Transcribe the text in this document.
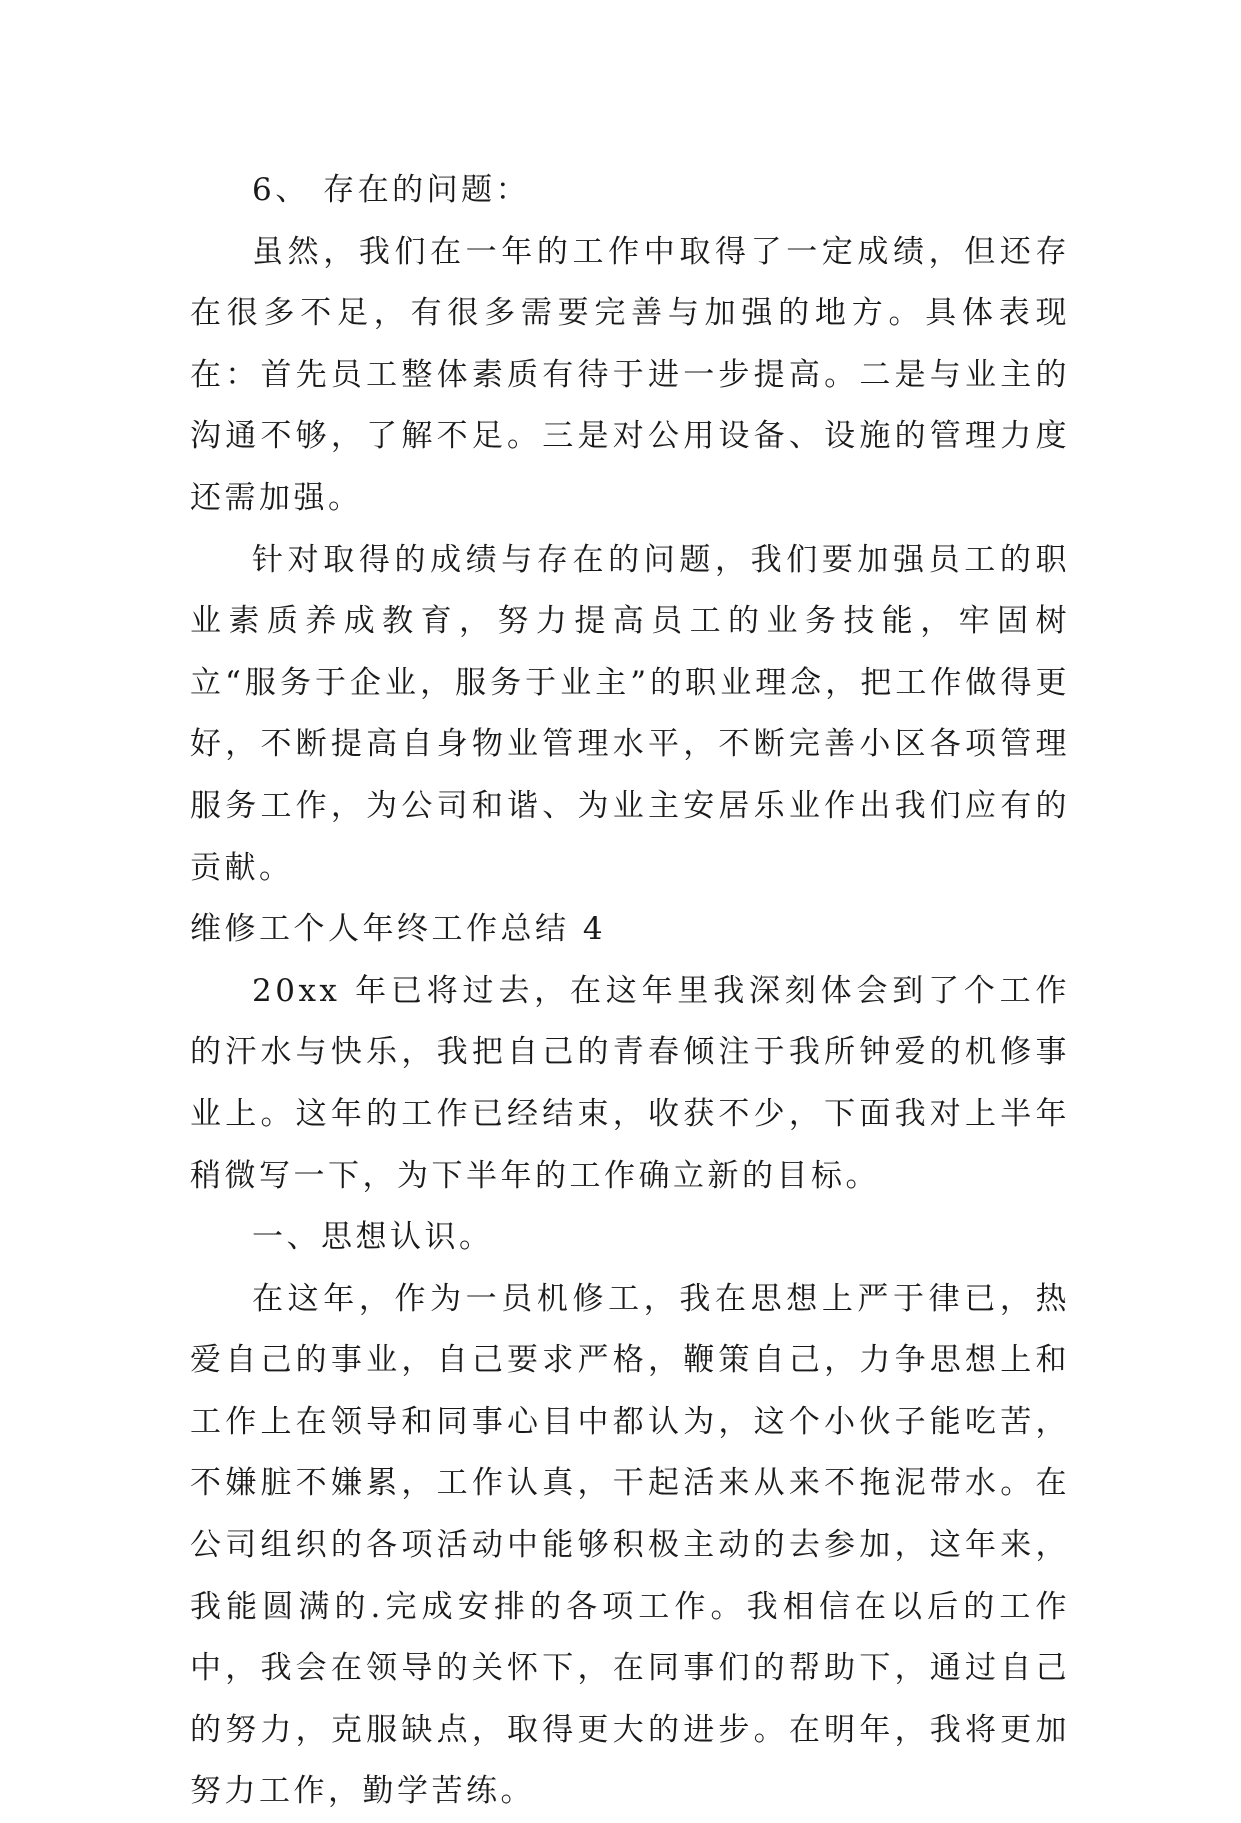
6、 存在的问题：

虽然，我们在一年的工作中取得了一定成绩，但还存在很多不足，有很多需要完善与加强的地方。具体表现在：首先员工整体素质有待于进一步提高。二是与业主的沟通不够，了解不足。三是对公用设备、设施的管理力度还需加强。

针对取得的成绩与存在的问题，我们要加强员工的职业素质养成教育，努力提高员工的业务技能，牢固树立“服务于企业，服务于业主”的职业理念，把工作做得更好，不断提高自身物业管理水平，不断完善小区各项管理服务工作，为公司和谐、为业主安居乐业作出我们应有的贡献。

维修工个人年终工作总结 4

20xx 年已将过去，在这年里我深刻体会到了个工作的汗水与快乐，我把自己的青春倾注于我所钟爱的机修事业上。这年的工作已经结束，收获不少，下面我对上半年稍微写一下，为下半年的工作确立新的目标。

一、思想认识。

在这年，作为一员机修工，我在思想上严于律已，热爱自己的事业，自己要求严格，鞭策自己，力争思想上和工作上在领导和同事心目中都认为，这个小伙子能吃苦，不嫌脏不嫌累，工作认真，干起活来从来不拖泥带水。在公司组织的各项活动中能够积极主动的去参加，这年来，我能圆满的.完成安排的各项工作。我相信在以后的工作中，我会在领导的关怀下，在同事们的帮助下，通过自己的努力，克服缺点，取得更大的进步。在明年，我将更加努力工作，勤学苦练。
